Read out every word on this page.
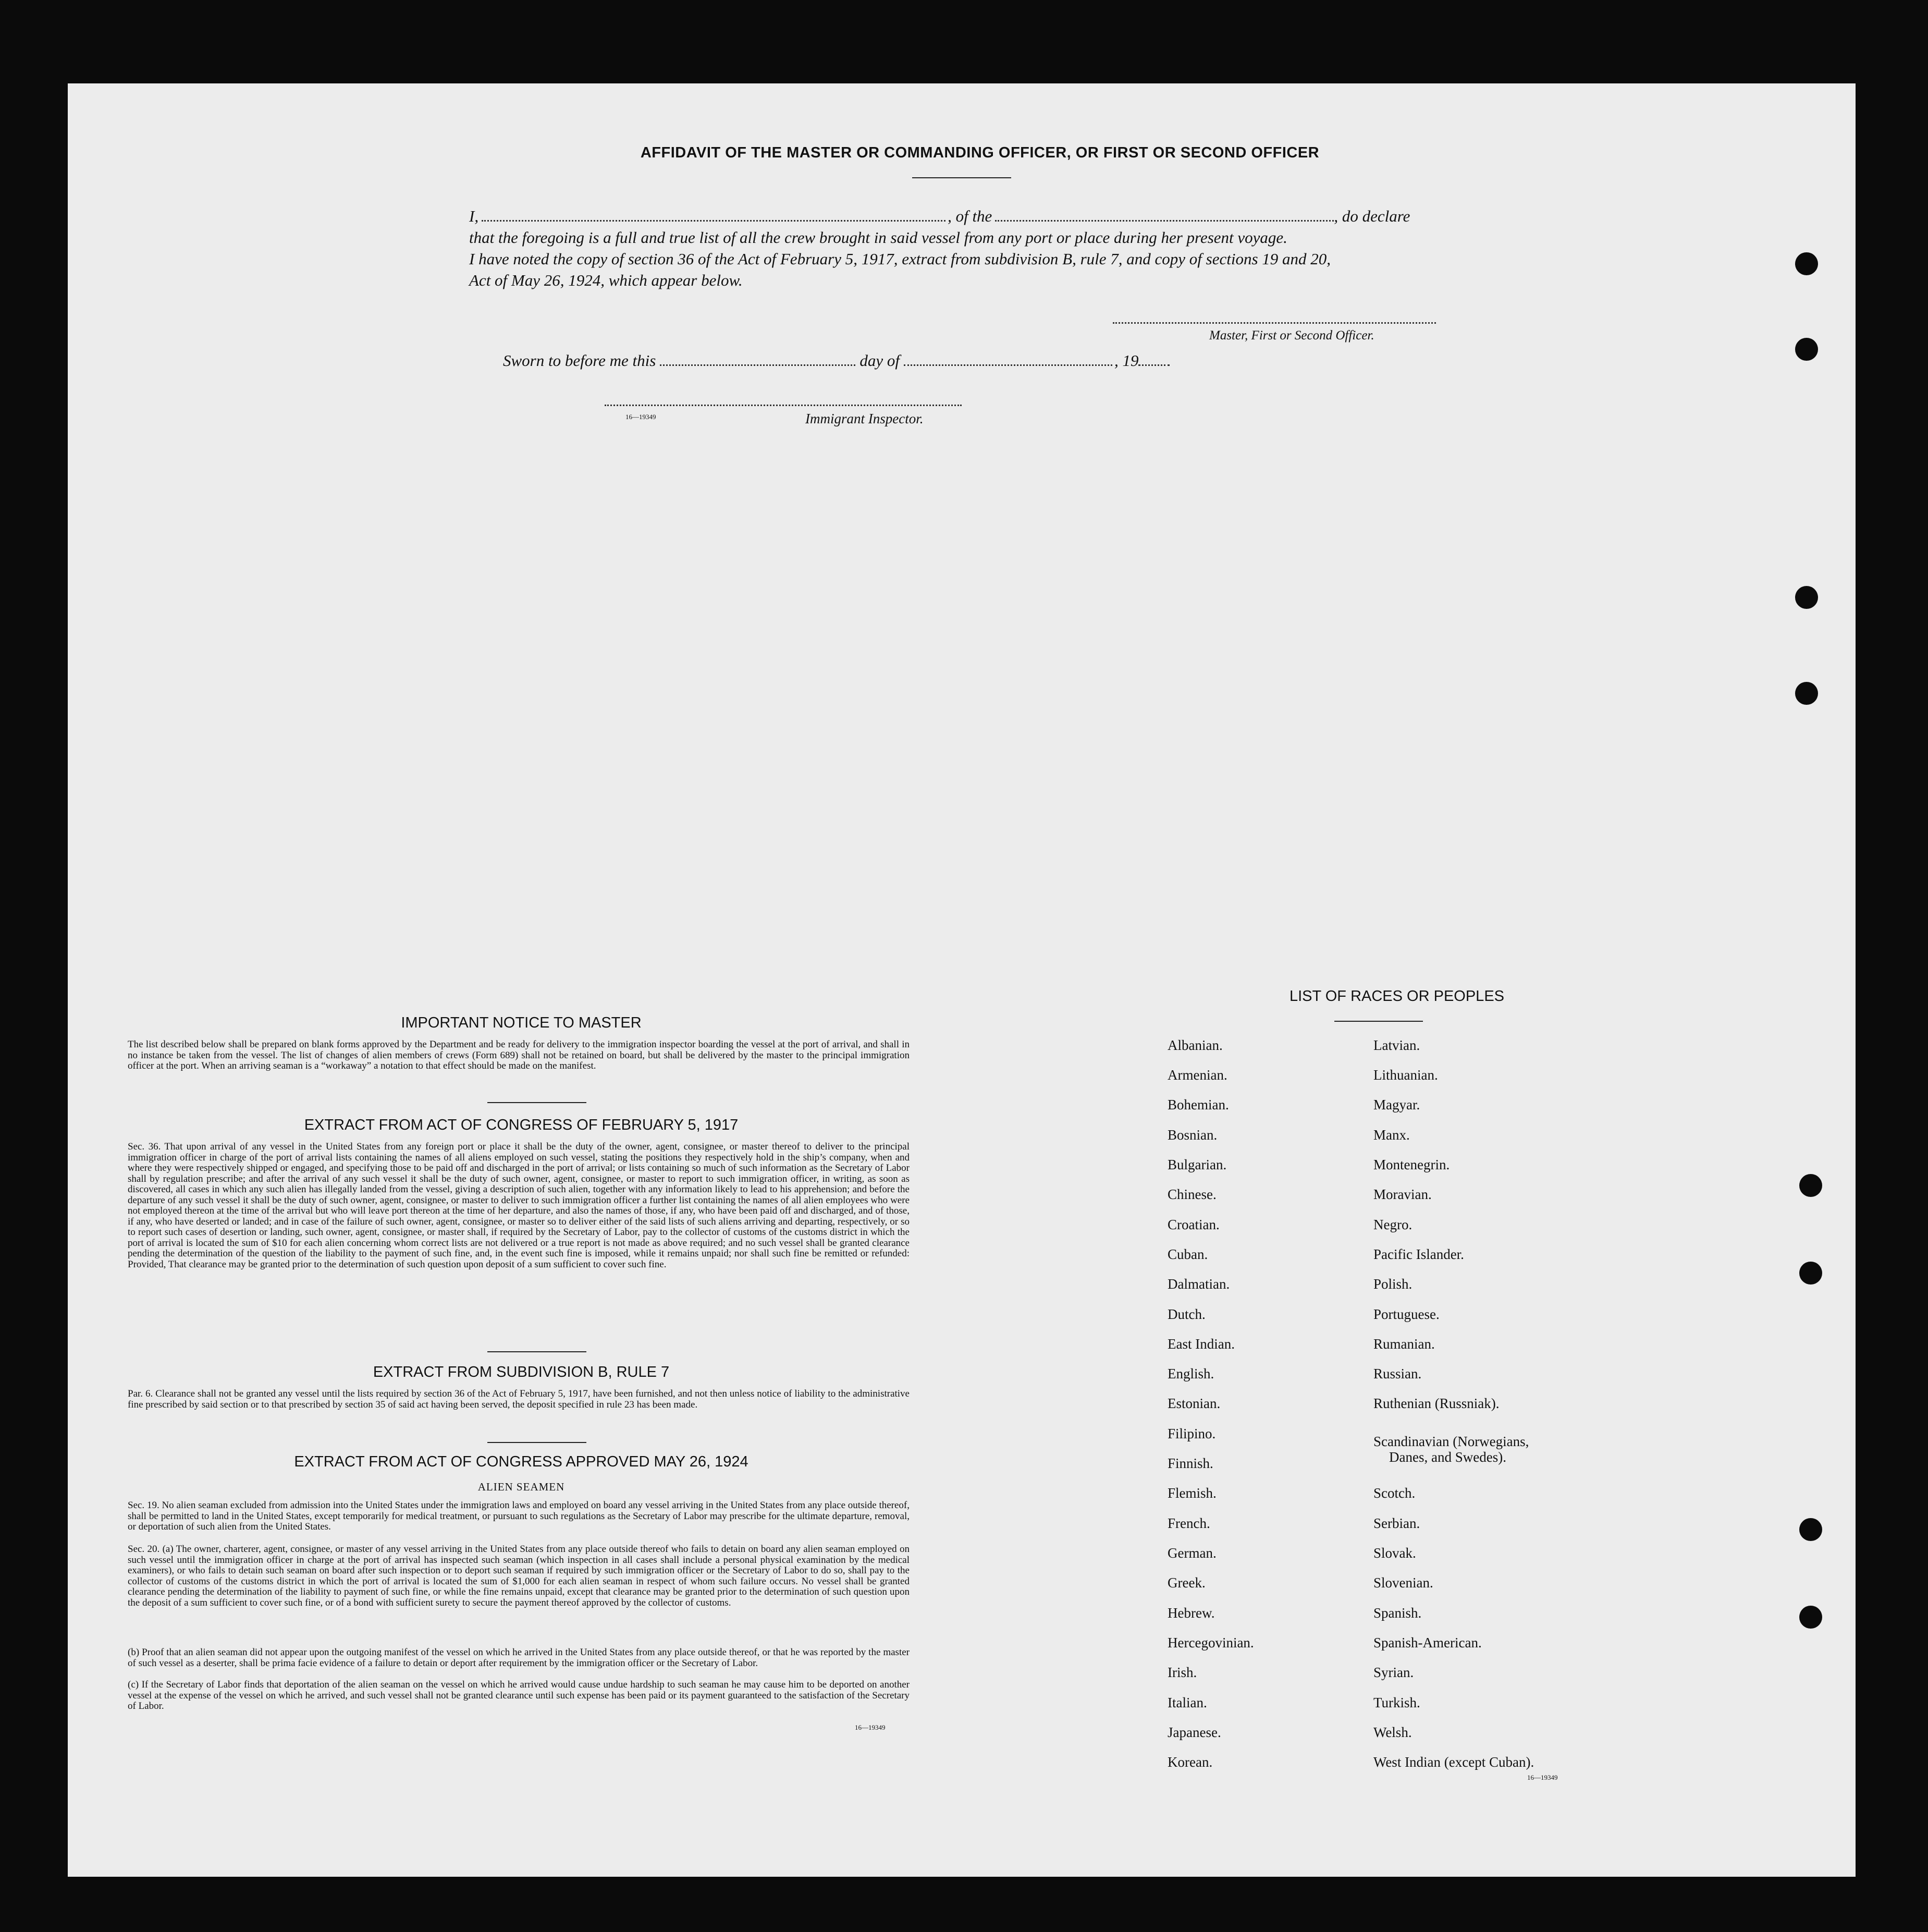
AFFIDAVIT OF THE MASTER OR COMMANDING OFFICER, OR FIRST OR SECOND OFFICER
I,	, of the	, do declare
that the foregoing is a full and true list of all the crew brought in said vessel from any port or place during her present voyage.
I have noted the copy of section 36 of the Act of February 5, 1917, extract from subdivision B, rule 7, and copy of sections 19 and 20,
Act of May 26, 1924, which appear below.
Master, First or Second Officer.
Sworn to before me this	day of	, 19
16—19349	Immigrant Inspector.
IMPORTANT NOTICE TO MASTER
The list described below shall be prepared on blank forms approved by the Department and be ready for delivery to the immigration inspector boarding the vessel at the port of arrival, and shall in no instance be taken from the vessel. The list of changes of alien members of crews (Form 689) shall not be retained on board, but shall be delivered by the master to the principal immigration officer at the port. When an arriving seaman is a “workaway” a notation to that effect should be made on the manifest.
EXTRACT FROM ACT OF CONGRESS OF FEBRUARY 5, 1917
Sec. 36. That upon arrival of any vessel in the United States from any foreign port or place it shall be the duty of the owner, agent, consignee, or master thereof to deliver to the principal immigration officer in charge of the port of arrival lists containing the names of all aliens employed on such vessel, stating the positions they respectively hold in the ship’s company, when and where they were respectively shipped or engaged, and specifying those to be paid off and discharged in the port of arrival; or lists containing so much of such information as the Secretary of Labor shall by regulation prescribe; and after the arrival of any such vessel it shall be the duty of such owner, agent, consignee, or master to report to such immigration officer, in writing, as soon as discovered, all cases in which any such alien has illegally landed from the vessel, giving a description of such alien, together with any information likely to lead to his apprehension; and before the departure of any such vessel it shall be the duty of such owner, agent, consignee, or master to deliver to such immigration officer a further list containing the names of all alien employees who were not employed thereon at the time of the arrival but who will leave port thereon at the time of her departure, and also the names of those, if any, who have been paid off and discharged, and of those, if any, who have deserted or landed; and in case of the failure of such owner, agent, consignee, or master so to deliver either of the said lists of such aliens arriving and departing, respectively, or so to report such cases of desertion or landing, such owner, agent, consignee, or master shall, if required by the Secretary of Labor, pay to the collector of customs of the customs district in which the port of arrival is located the sum of $10 for each alien concerning whom correct lists are not delivered or a true report is not made as above required; and no such vessel shall be granted clearance pending the determination of the question of the liability to the payment of such fine, and, in the event such fine is imposed, while it remains unpaid; nor shall such fine be remitted or refunded: Provided, That clearance may be granted prior to the determination of such question upon deposit of a sum sufficient to cover such fine.
EXTRACT FROM SUBDIVISION B, RULE 7
Par. 6. Clearance shall not be granted any vessel until the lists required by section 36 of the Act of February 5, 1917, have been furnished, and not then unless notice of liability to the administrative fine prescribed by said section or to that prescribed by section 35 of said act having been served, the deposit specified in rule 23 has been made.
EXTRACT FROM ACT OF CONGRESS APPROVED MAY 26, 1924
ALIEN SEAMEN
Sec. 19. No alien seaman excluded from admission into the United States under the immigration laws and employed on board any vessel arriving in the United States from any place outside thereof, shall be permitted to land in the United States, except temporarily for medical treatment, or pursuant to such regulations as the Secretary of Labor may prescribe for the ultimate departure, removal, or deportation of such alien from the United States.
Sec. 20. (a) The owner, charterer, agent, consignee, or master of any vessel arriving in the United States from any place outside thereof who fails to detain on board any alien seaman employed on such vessel until the immigration officer in charge at the port of arrival has inspected such seaman (which inspection in all cases shall include a personal physical examination by the medical examiners), or who fails to detain such seaman on board after such inspection or to deport such seaman if required by such immigration officer or the Secretary of Labor to do so, shall pay to the collector of customs of the customs district in which the port of arrival is located the sum of $1,000 for each alien seaman in respect of whom such failure occurs. No vessel shall be granted clearance pending the determination of the liability to payment of such fine, or while the fine remains unpaid, except that clearance may be granted prior to the determination of such question upon the deposit of a sum sufficient to cover such fine, or of a bond with sufficient surety to secure the payment thereof approved by the collector of customs.
(b) Proof that an alien seaman did not appear upon the outgoing manifest of the vessel on which he arrived in the United States from any place outside thereof, or that he was reported by the master of such vessel as a deserter, shall be prima facie evidence of a failure to detain or deport after requirement by the immigration officer or the Secretary of Labor.
(c) If the Secretary of Labor finds that deportation of the alien seaman on the vessel on which he arrived would cause undue hardship to such seaman he may cause him to be deported on another vessel at the expense of the vessel on which he arrived, and such vessel shall not be granted clearance until such expense has been paid or its payment guaranteed to the satisfaction of the Secretary of Labor.
16—19349
LIST OF RACES OR PEOPLES
Albanian.
Armenian.
Bohemian.
Bosnian.
Bulgarian.
Chinese.
Croatian.
Cuban.
Dalmatian.
Dutch.
East Indian.
English.
Estonian.
Filipino.
Finnish.
Flemish.
French.
German.
Greek.
Hebrew.
Hercegovinian.
Irish.
Italian.
Japanese.
Korean.
Latvian.
Lithuanian.
Magyar.
Manx.
Montenegrin.
Moravian.
Negro.
Pacific Islander.
Polish.
Portuguese.
Rumanian.
Russian.
Ruthenian (Russniak).
Scandinavian (Norwegians,
Danes, and Swedes).
Scotch.
Serbian.
Slovak.
Slovenian.
Spanish.
Spanish-American.
Syrian.
Turkish.
Welsh.
West Indian (except Cuban).
16—19349
